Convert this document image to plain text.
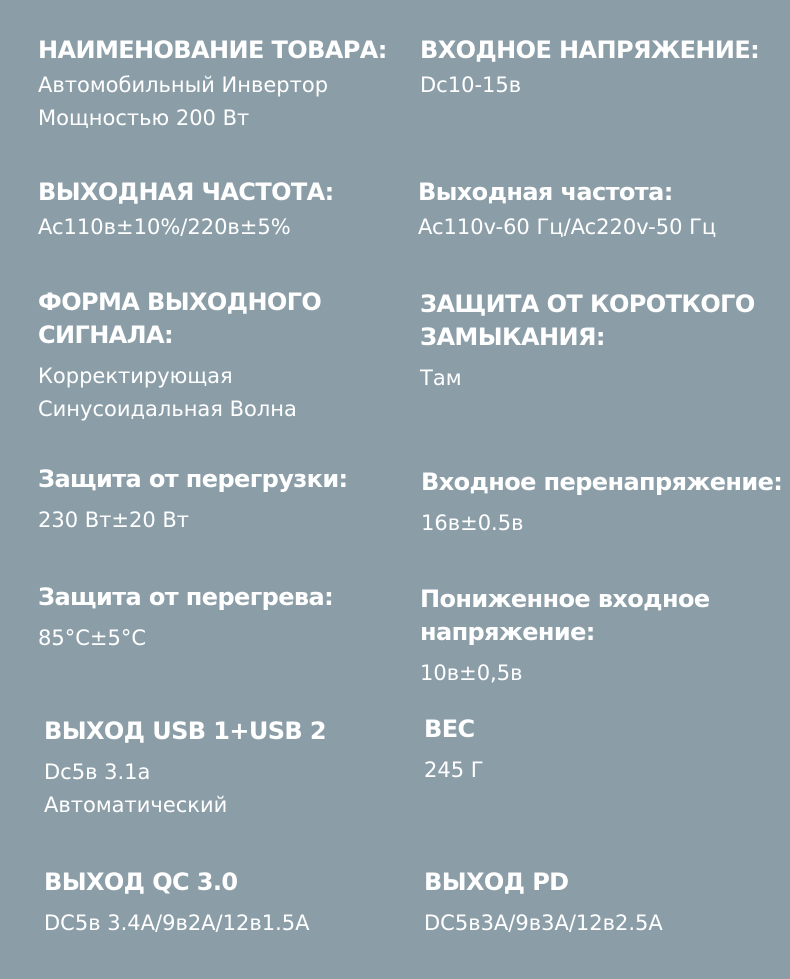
НАИМЕНОВАНИЕ ТОВАРА:
Автомобильный Инвертор
Мощностью 200 Вт
ВХОДНОЕ НАПРЯЖЕНИЕ:
Dc10-15в
ВЫХОДНАЯ ЧАСТОТА:
Ac110в±10%/220в±5%
Выходная частота:
Ac110v-60 Гц/Ac220v-50 Гц
ФОРМА ВЫХОДНОГО
СИГНАЛА:
Корректирующая
Синусоидальная Волна
ЗАЩИТА ОТ КОРОТКОГО
ЗАМЫКАНИЯ:
Там
Защита от перегрузки:
230 Вт±20 Вт
Входное перенапряжение:
16в±0.5в
Защита от перегрева:
85°C±5°C
Пониженное входное
напряжение:
10в±0,5в
ВЫХОД USB 1+USB 2
Dc5в 3.1a
Автоматический
ВЕС
245 Г
ВЫХОД QC 3.0
DC5в 3.4A/9в2A/12в1.5A
ВЫХОД PD
DC5в3A/9в3A/12в2.5A
